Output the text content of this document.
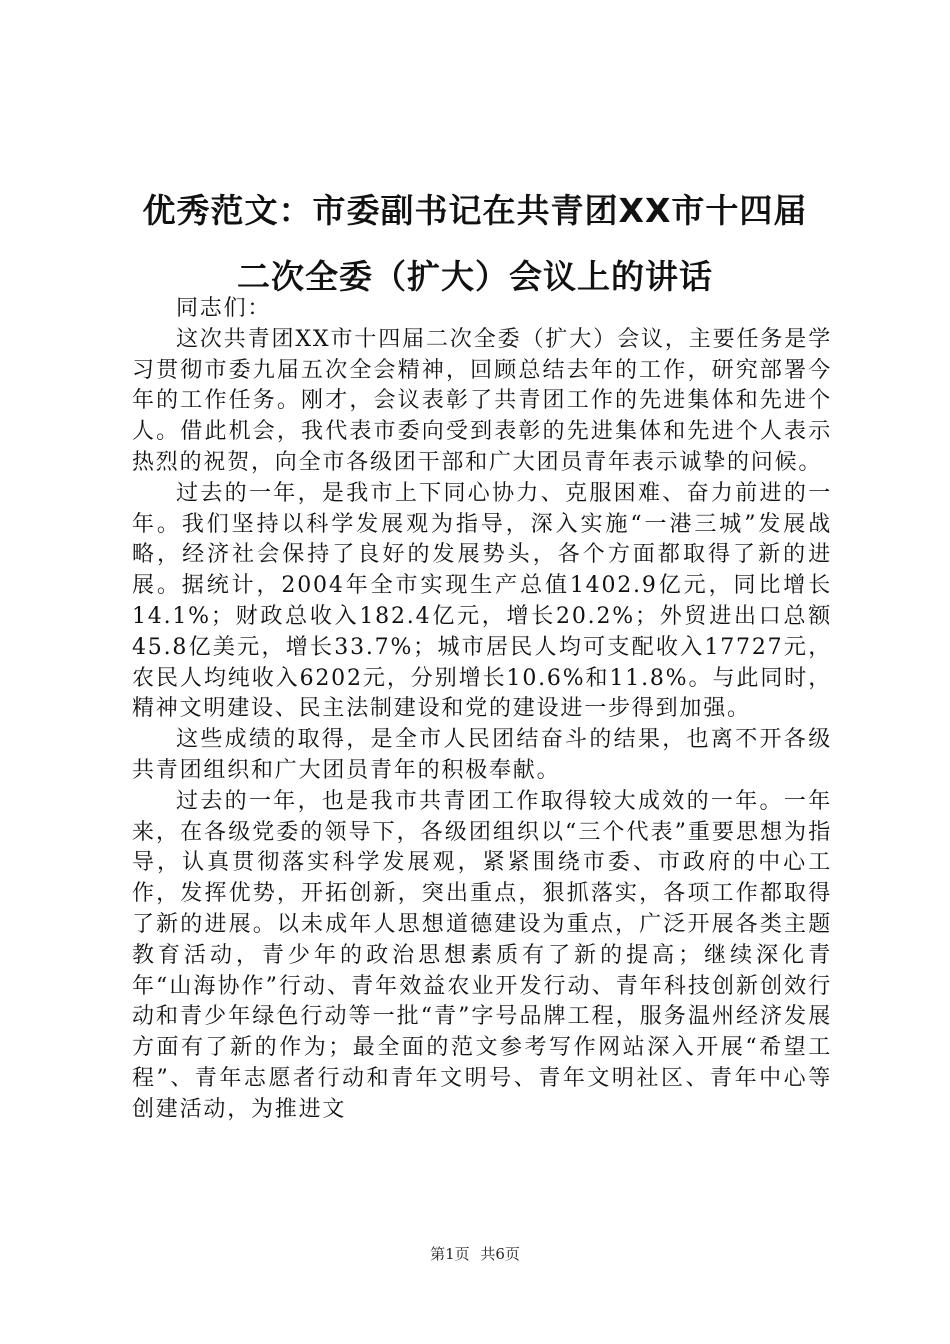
优秀范文：市委副书记在共青团XX市十四届
二次全委（扩大）会议上的讲话

同志们：

这次共青团XX市十四届二次全委（扩大）会议，主要任务是学习贯彻市委九届五次全会精神，回顾总结去年的工作，研究部署今年的工作任务。刚才，会议表彰了共青团工作的先进集体和先进个人。借此机会，我代表市委向受到表彰的先进集体和先进个人表示热烈的祝贺，向全市各级团干部和广大团员青年表示诚挚的问候。

过去的一年，是我市上下同心协力、克服困难、奋力前进的一年。我们坚持以科学发展观为指导，深入实施“一港三城”发展战略，经济社会保持了良好的发展势头，各个方面都取得了新的进展。据统计，2004年全市实现生产总值1402.9亿元，同比增长14.1%；财政总收入182.4亿元，增长20.2%；外贸进出口总额45.8亿美元，增长33.7%；城市居民人均可支配收入17727元，农民人均纯收入6202元，分别增长10.6%和11.8%。与此同时，精神文明建设、民主法制建设和党的建设进一步得到加强。

这些成绩的取得，是全市人民团结奋斗的结果，也离不开各级共青团组织和广大团员青年的积极奉献。

过去的一年，也是我市共青团工作取得较大成效的一年。一年来，在各级党委的领导下，各级团组织以“三个代表”重要思想为指导，认真贯彻落实科学发展观，紧紧围绕市委、市政府的中心工作，发挥优势，开拓创新，突出重点，狠抓落实，各项工作都取得了新的进展。以未成年人思想道德建设为重点，广泛开展各类主题教育活动，青少年的政治思想素质有了新的提高；继续深化青年“山海协作”行动、青年效益农业开发行动、青年科技创新创效行动和青少年绿色行动等一批“青”字号品牌工程，服务温州经济发展方面有了新的作为；最全面的范文参考写作网站深入开展“希望工程”、青年志愿者行动和青年文明号、青年文明社区、青年中心等创建活动，为推进文

第1页 共6页
